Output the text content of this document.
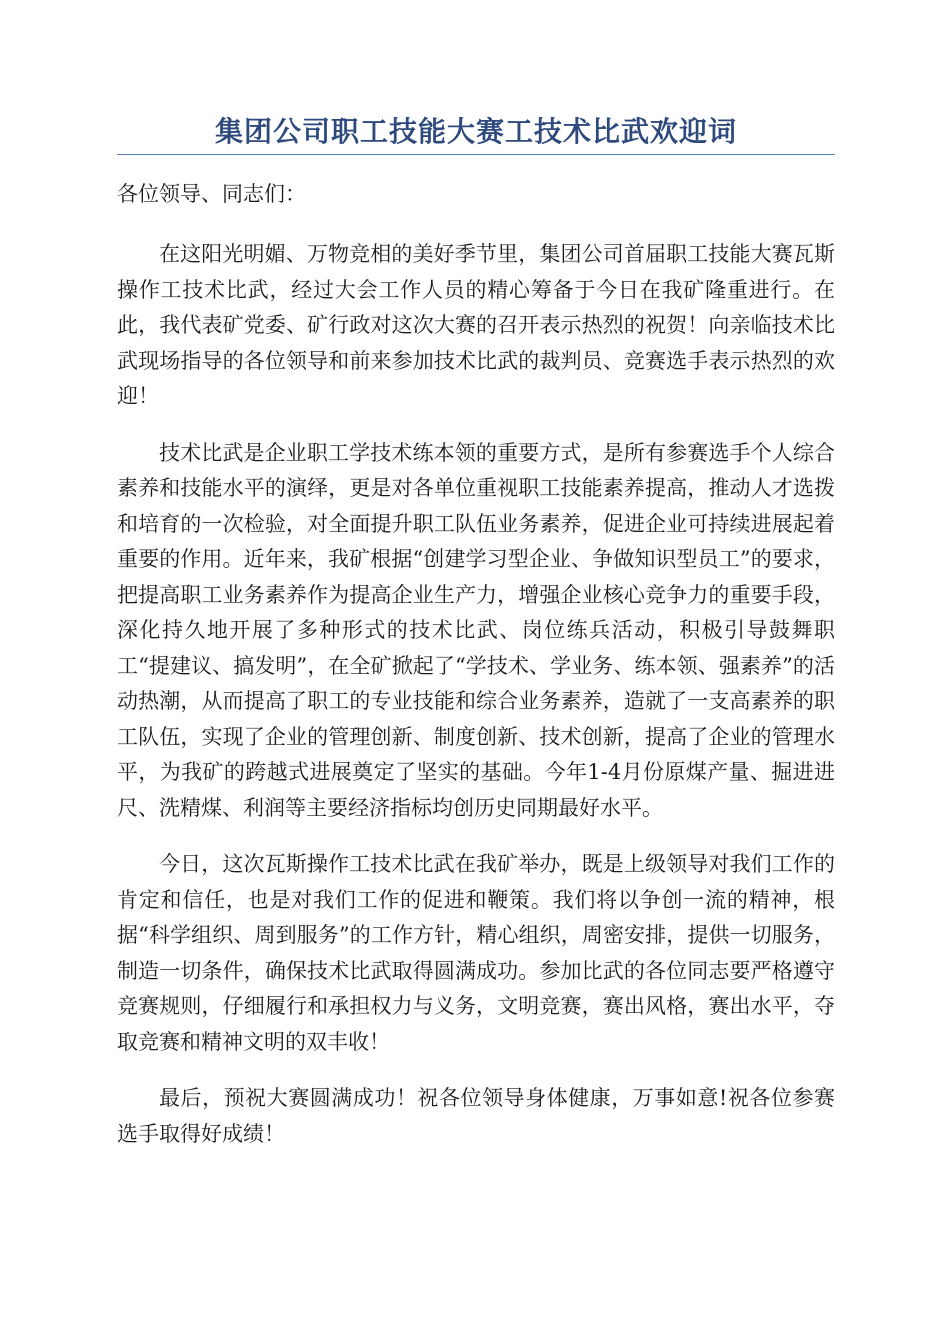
集团公司职工技能大赛工技术比武欢迎词

各位领导、同志们：

在这阳光明媚、万物竞相的美好季节里，集团公司首届职工技能大赛瓦斯操作工技术比武，经过大会工作人员的精心筹备于今日在我矿隆重进行。在此，我代表矿党委、矿行政对这次大赛的召开表示热烈的祝贺！向亲临技术比武现场指导的各位领导和前来参加技术比武的裁判员、竞赛选手表示热烈的欢迎！

技术比武是企业职工学技术练本领的重要方式，是所有参赛选手个人综合素养和技能水平的演绎，更是对各单位重视职工技能素养提高，推动人才选拨和培育的一次检验，对全面提升职工队伍业务素养，促进企业可持续进展起着重要的作用。近年来，我矿根据“创建学习型企业、争做知识型员工”的要求，把提高职工业务素养作为提高企业生产力，增强企业核心竞争力的重要手段，深化持久地开展了多种形式的技术比武、岗位练兵活动，积极引导鼓舞职工“提建议、搞发明”，在全矿掀起了“学技术、学业务、练本领、强素养”的活动热潮，从而提高了职工的专业技能和综合业务素养，造就了一支高素养的职工队伍，实现了企业的管理创新、制度创新、技术创新，提高了企业的管理水平，为我矿的跨越式进展奠定了坚实的基础。今年1-4月份原煤产量、掘进进尺、洗精煤、利润等主要经济指标均创历史同期最好水平。

今日，这次瓦斯操作工技术比武在我矿举办，既是上级领导对我们工作的肯定和信任，也是对我们工作的促进和鞭策。我们将以争创一流的精神，根据“科学组织、周到服务”的工作方针，精心组织，周密安排，提供一切服务，制造一切条件，确保技术比武取得圆满成功。参加比武的各位同志要严格遵守竞赛规则，仔细履行和承担权力与义务，文明竞赛，赛出风格，赛出水平，夺取竞赛和精神文明的双丰收！

最后，预祝大赛圆满成功！祝各位领导身体健康，万事如意!祝各位参赛选手取得好成绩！
